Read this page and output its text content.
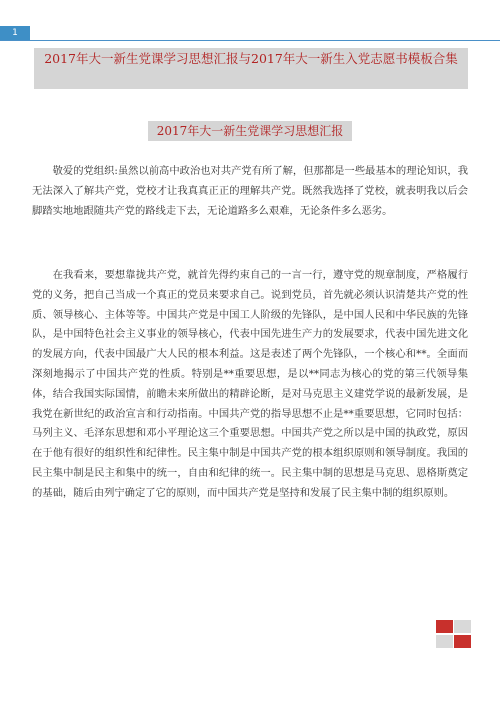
1
2017年大一新生党课学习思想汇报与2017年大一新生入党志愿书模板合集
2017年大一新生党课学习思想汇报

敬爱的党组织:虽然以前高中政治也对共产党有所了解，但那都是一些最基本的理论知识，我无法深入了解共产党，党校才让我真真正正的理解共产党。既然我选择了党校，就表明我以后会脚踏实地地跟随共产党的路线走下去，无论道路多么艰难，无论条件多么恶劣。

在我看来，要想靠拢共产党，就首先得约束自己的一言一行，遵守党的规章制度，严格履行党的义务，把自己当成一个真正的党员来要求自己。说到党员，首先就必须认识清楚共产党的性质、领导核心、主体等等。中国共产党是中国工人阶级的先锋队，是中国人民和中华民族的先锋队，是中国特色社会主义事业的领导核心，代表中国先进生产力的发展要求，代表中国先进文化的发展方向，代表中国最广大人民的根本利益。这是表述了两个先锋队，一个核心和**。全面而深刻地揭示了中国共产党的性质。特别是**重要思想，是以**同志为核心的党的第三代领导集体，结合我国实际国情，前瞻未来所做出的精辟论断，是对马克思主义建党学说的最新发展，是我党在新世纪的政治宣言和行动指南。中国共产党的指导思想不止是**重要思想，它同时包括：马列主义、毛泽东思想和邓小平理论这三个重要思想。中国共产党之所以是中国的执政党，原因在于他有很好的组织性和纪律性。民主集中制是中国共产党的根本组织原则和领导制度。我国的民主集中制是民主和集中的统一，自由和纪律的统一。民主集中制的思想是马克思、恩格斯奠定的基础，随后由列宁确定了它的原则，而中国共产党是坚持和发展了民主集中制的组织原则。
